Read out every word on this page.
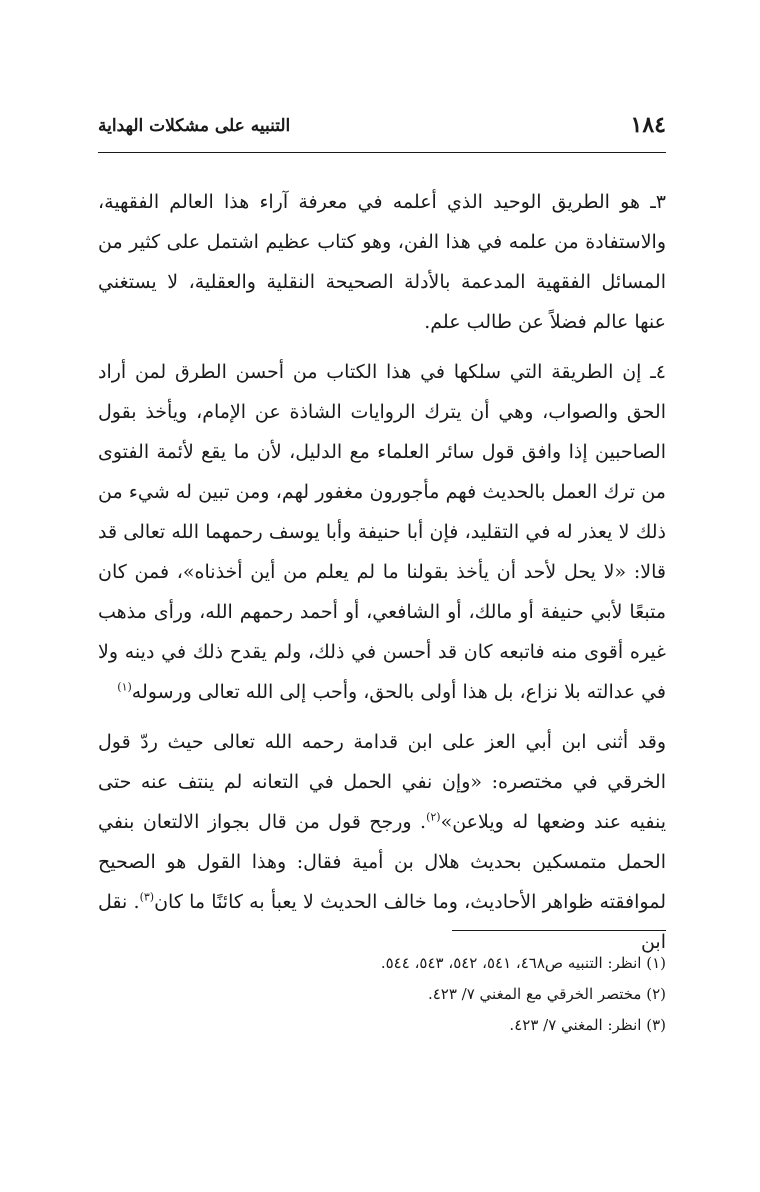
١٨٤
التنبيه على مشكلات الهداية

٣ـ هو الطريق الوحيد الذي أعلمه في معرفة آراء هذا العالم الفقهية، والاستفادة من علمه في هذا الفن، وهو كتاب عظيم اشتمل على كثير من المسائل الفقهية المدعمة بالأدلة الصحيحة النقلية والعقلية، لا يستغني عنها عالم فضلاً عن طالب علم.

٤ـ إن الطريقة التي سلكها في هذا الكتاب من أحسن الطرق لمن أراد الحق والصواب، وهي أن يترك الروايات الشاذة عن الإمام، ويأخذ بقول الصاحبين إذا وافق قول سائر العلماء مع الدليل، لأن ما يقع لأئمة الفتوى من ترك العمل بالحديث فهم مأجورون مغفور لهم، ومن تبين له شيء من ذلك لا يعذر له في التقليد، فإن أبا حنيفة وأبا يوسف رحمهما الله تعالى قد قالا: «لا يحل لأحد أن يأخذ بقولنا ما لم يعلم من أين أخذناه»، فمن كان متبعًا لأبي حنيفة أو مالك، أو الشافعي، أو أحمد رحمهم الله، ورأى مذهب غيره أقوى منه فاتبعه كان قد أحسن في ذلك، ولم يقدح ذلك في دينه ولا في عدالته بلا نزاع، بل هذا أولى بالحق، وأحب إلى الله تعالى ورسوله$^{(١)}$

وقد أثنى ابن أبي العز على ابن قدامة رحمه الله تعالى حيث ردّ قول الخرقي في مختصره: «وإن نفي الحمل في التعانه لم ينتف عنه حتى ينفيه عند وضعها له ويلاعن»$^{(٢)}$. ورجح قول من قال بجواز الالتعان بنفي الحمل متمسكين بحديث هلال بن أمية فقال: وهذا القول هو الصحيح لموافقته ظواهر الأحاديث، وما خالف الحديث لا يعبأ به كائنًا ما كان$^{(٣)}$. نقل ابن

(١) انظر: التنبيه ص٤٦٨، ٥٤١، ٥٤٢، ٥٤٣، ٥٤٤.

(٢) مختصر الخرقي مع المغني ٧/ ٤٢٣.

(٣) انظر: المغني ٧/ ٤٢٣.
